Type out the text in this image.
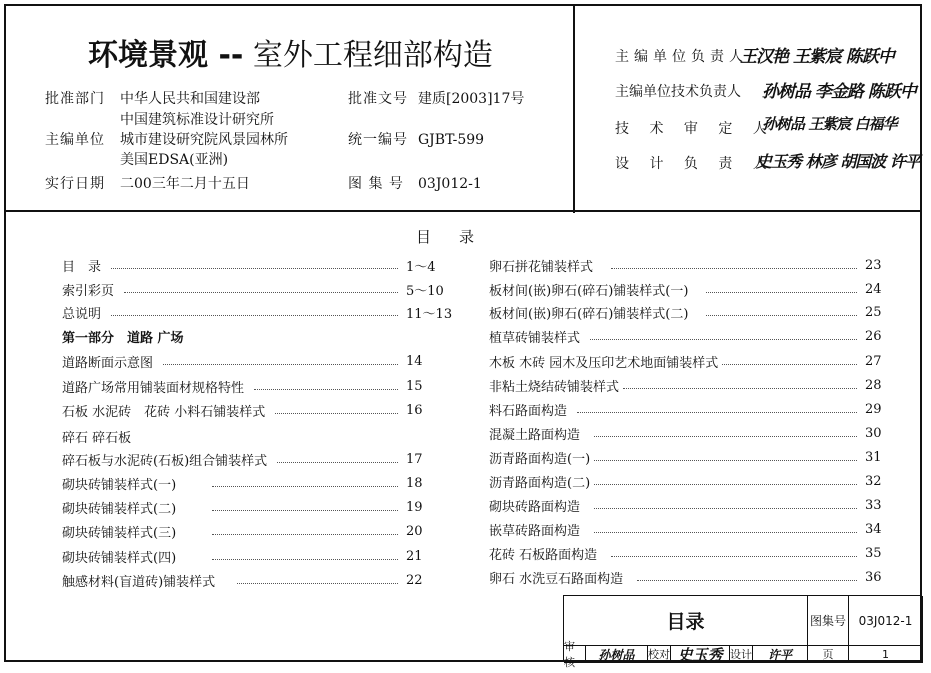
环境景观 -- 室外工程细部构造
批准部门 中华人民共和国建设部	批准文号 建质[2003]17号
中国建筑标准设计研究所
主编单位 城市建设研究院风景园林所	统一编号 GJBT-599
美国EDSA(亚洲)
实行日期 二00三年二月十五日	图 集 号 03J012-1
主编单位负责人
王汉艳 王紫宸 陈跃中
主编单位技术负责人 孙树品 李金路 陈跃中
技 术 审 定 人
孙树品 王紫宸 白福华
设 计 负 责 人
史玉秀 林彦 胡国波 许平
目录
目　录	1～4
索引彩页	5～10
总说明	11～13
第一部分　道路 广场
道路断面示意图	14
道路广场常用铺装面材规格特性	15
石板 水泥砖　花砖 小料石铺装样式	16
碎石 碎石板
碎石板与水泥砖(石板)组合铺装样式	17
砌块砖铺装样式(一)	18
砌块砖铺装样式(二)	19
砌块砖铺装样式(三)	20
砌块砖铺装样式(四)	21
触感材料(盲道砖)铺装样式	22
卵石拼花铺装样式	23
板材间(嵌)卵石(碎石)铺装样式(一)	24
板材间(嵌)卵石(碎石)铺装样式(二)	25
植草砖铺装样式	26
木板 木砖 园木及压印艺术地面铺装样式	27
非粘土烧结砖铺装样式	28
料石路面构造	29
混凝土路面构造	30
沥青路面构造(一)	31
沥青路面构造(二)	32
砌块砖路面构造	33
嵌草砖路面构造	34
花砖 石板路面构造	35
卵石 水洗豆石路面构造	36
目录	图集号	03J012-1
审核
孙树品 校对 史玉秀 设计 许平	页	1
